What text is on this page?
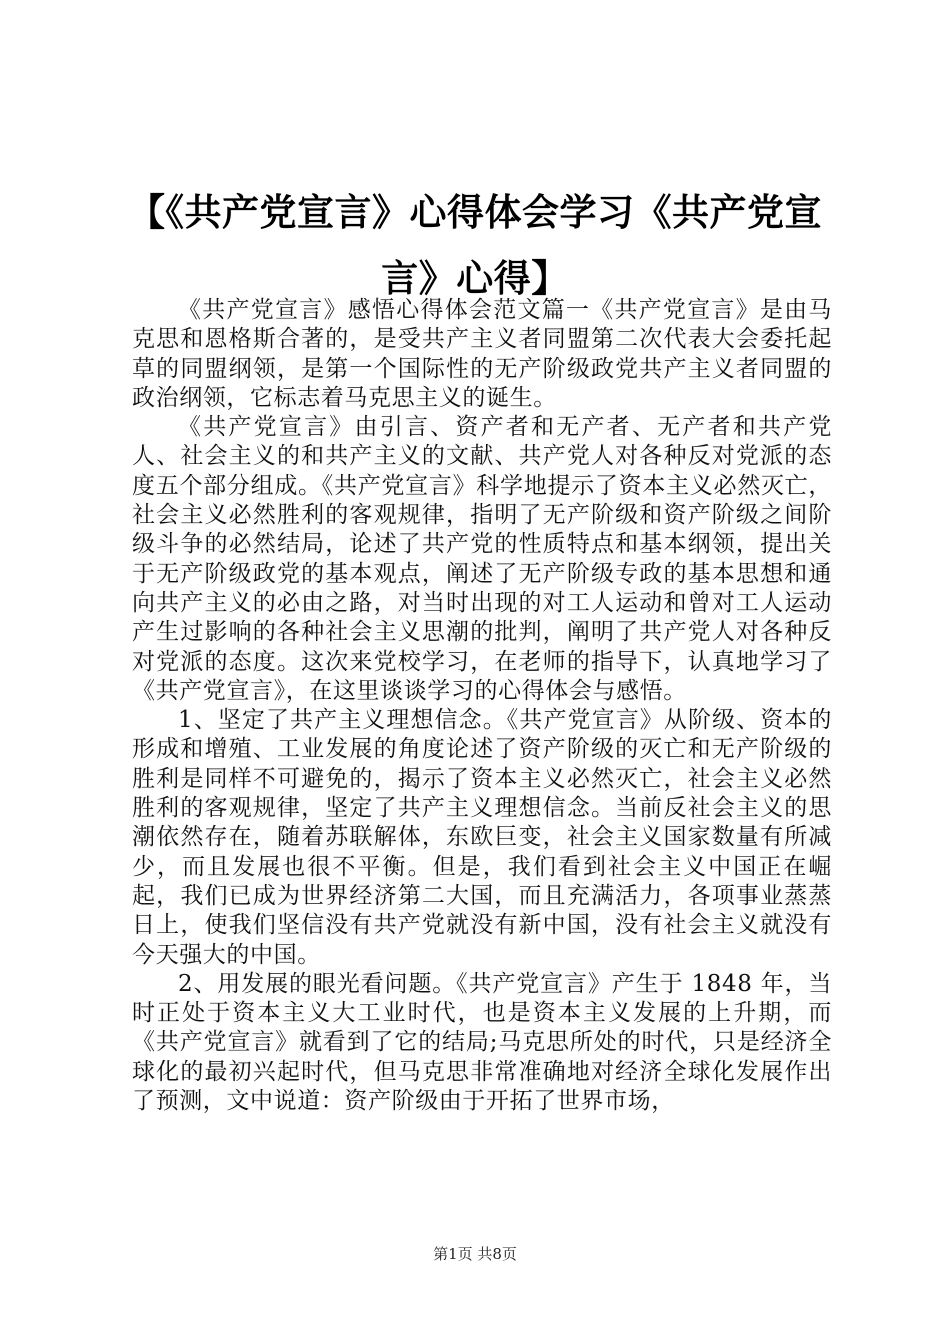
【《共产党宣言》心得体会学习《共产党宣言》心得】

《共产党宣言》感悟心得体会范文篇一《共产党宣言》是由马克思和恩格斯合著的，是受共产主义者同盟第二次代表大会委托起草的同盟纲领，是第一个国际性的无产阶级政党共产主义者同盟的政治纲领，它标志着马克思主义的诞生。

《共产党宣言》由引言、资产者和无产者、无产者和共产党人、社会主义的和共产主义的文献、共产党人对各种反对党派的态度五个部分组成。《共产党宣言》科学地提示了资本主义必然灭亡，社会主义必然胜利的客观规律，指明了无产阶级和资产阶级之间阶级斗争的必然结局，论述了共产党的性质特点和基本纲领，提出关于无产阶级政党的基本观点，阐述了无产阶级专政的基本思想和通向共产主义的必由之路，对当时出现的对工人运动和曾对工人运动产生过影响的各种社会主义思潮的批判，阐明了共产党人对各种反对党派的态度。这次来党校学习，在老师的指导下，认真地学习了《共产党宣言》，在这里谈谈学习的心得体会与感悟。

1、坚定了共产主义理想信念。《共产党宣言》从阶级、资本的形成和增殖、工业发展的角度论述了资产阶级的灭亡和无产阶级的胜利是同样不可避免的，揭示了资本主义必然灭亡，社会主义必然胜利的客观规律，坚定了共产主义理想信念。当前反社会主义的思潮依然存在，随着苏联解体，东欧巨变，社会主义国家数量有所减少，而且发展也很不平衡。但是，我们看到社会主义中国正在崛起，我们已成为世界经济第二大国，而且充满活力，各项事业蒸蒸日上，使我们坚信没有共产党就没有新中国，没有社会主义就没有今天强大的中国。

2、用发展的眼光看问题。《共产党宣言》产生于 1848 年，当时正处于资本主义大工业时代，也是资本主义发展的上升期，而《共产党宣言》就看到了它的结局;马克思所处的时代，只是经济全球化的最初兴起时代，但马克思非常准确地对经济全球化发展作出了预测，文中说道：资产阶级由于开拓了世界市场，

第1页 共8页
